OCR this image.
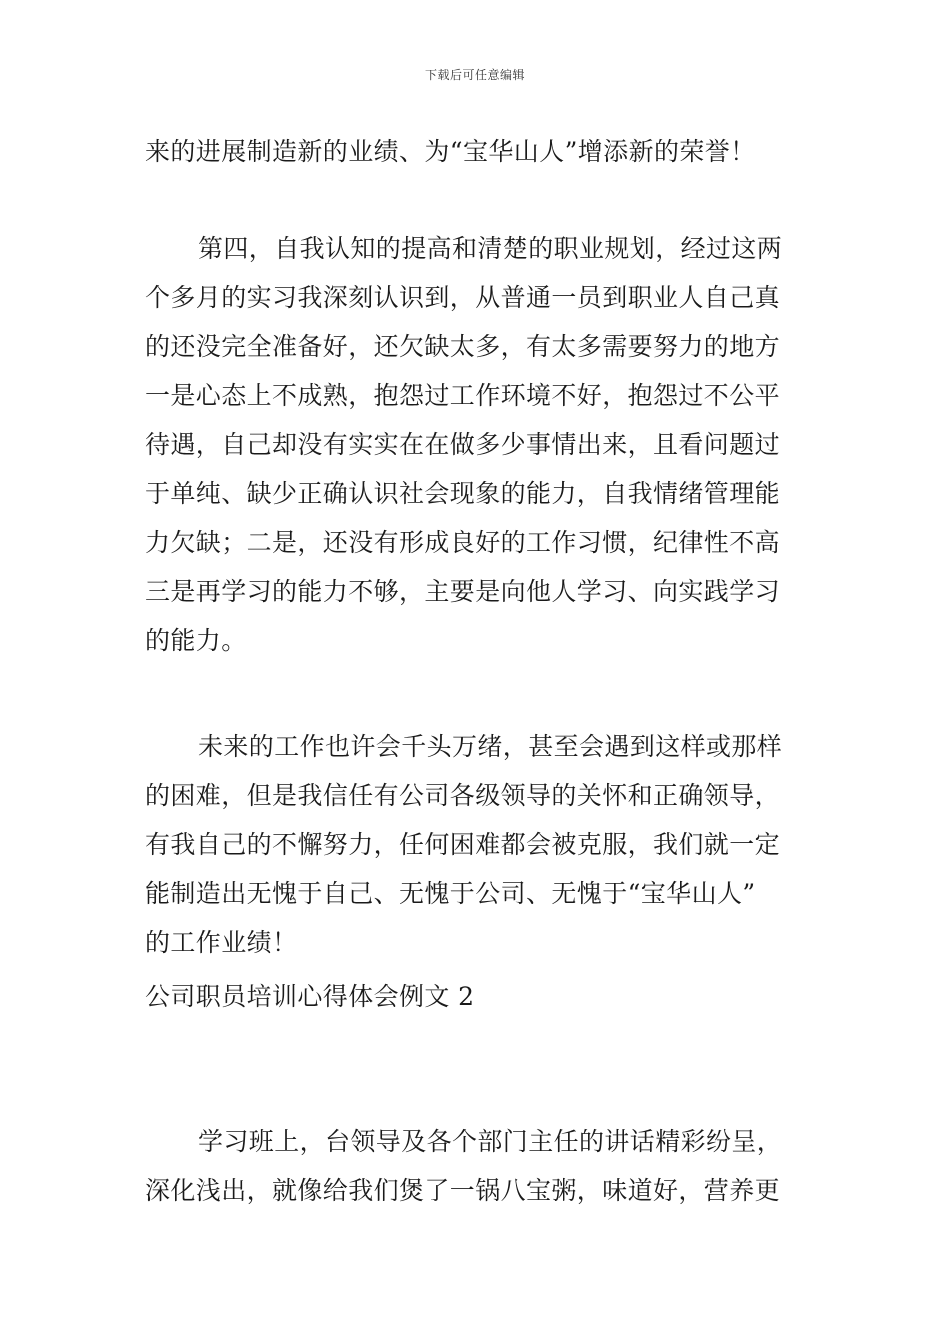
下载后可任意编辑
来的进展制造新的业绩、为“宝华山人”增添新的荣誉！
第四，自我认知的提高和清楚的职业规划，经过这两
个多月的实习我深刻认识到，从普通一员到职业人自己真
的还没完全准备好，还欠缺太多，有太多需要努力的地方
一是心态上不成熟，抱怨过工作环境不好，抱怨过不公平
待遇，自己却没有实实在在做多少事情出来，且看问题过
于单纯、缺少正确认识社会现象的能力，自我情绪管理能
力欠缺；二是，还没有形成良好的工作习惯，纪律性不高
三是再学习的能力不够，主要是向他人学习、向实践学习
的能力。
未来的工作也许会千头万绪，甚至会遇到这样或那样
的困难，但是我信任有公司各级领导的关怀和正确领导，
有我自己的不懈努力，任何困难都会被克服，我们就一定
能制造出无愧于自己、无愧于公司、无愧于“宝华山人”
的工作业绩！
公司职员培训心得体会例文 2
学习班上，台领导及各个部门主任的讲话精彩纷呈，
深化浅出，就像给我们煲了一锅八宝粥，味道好，营养更
